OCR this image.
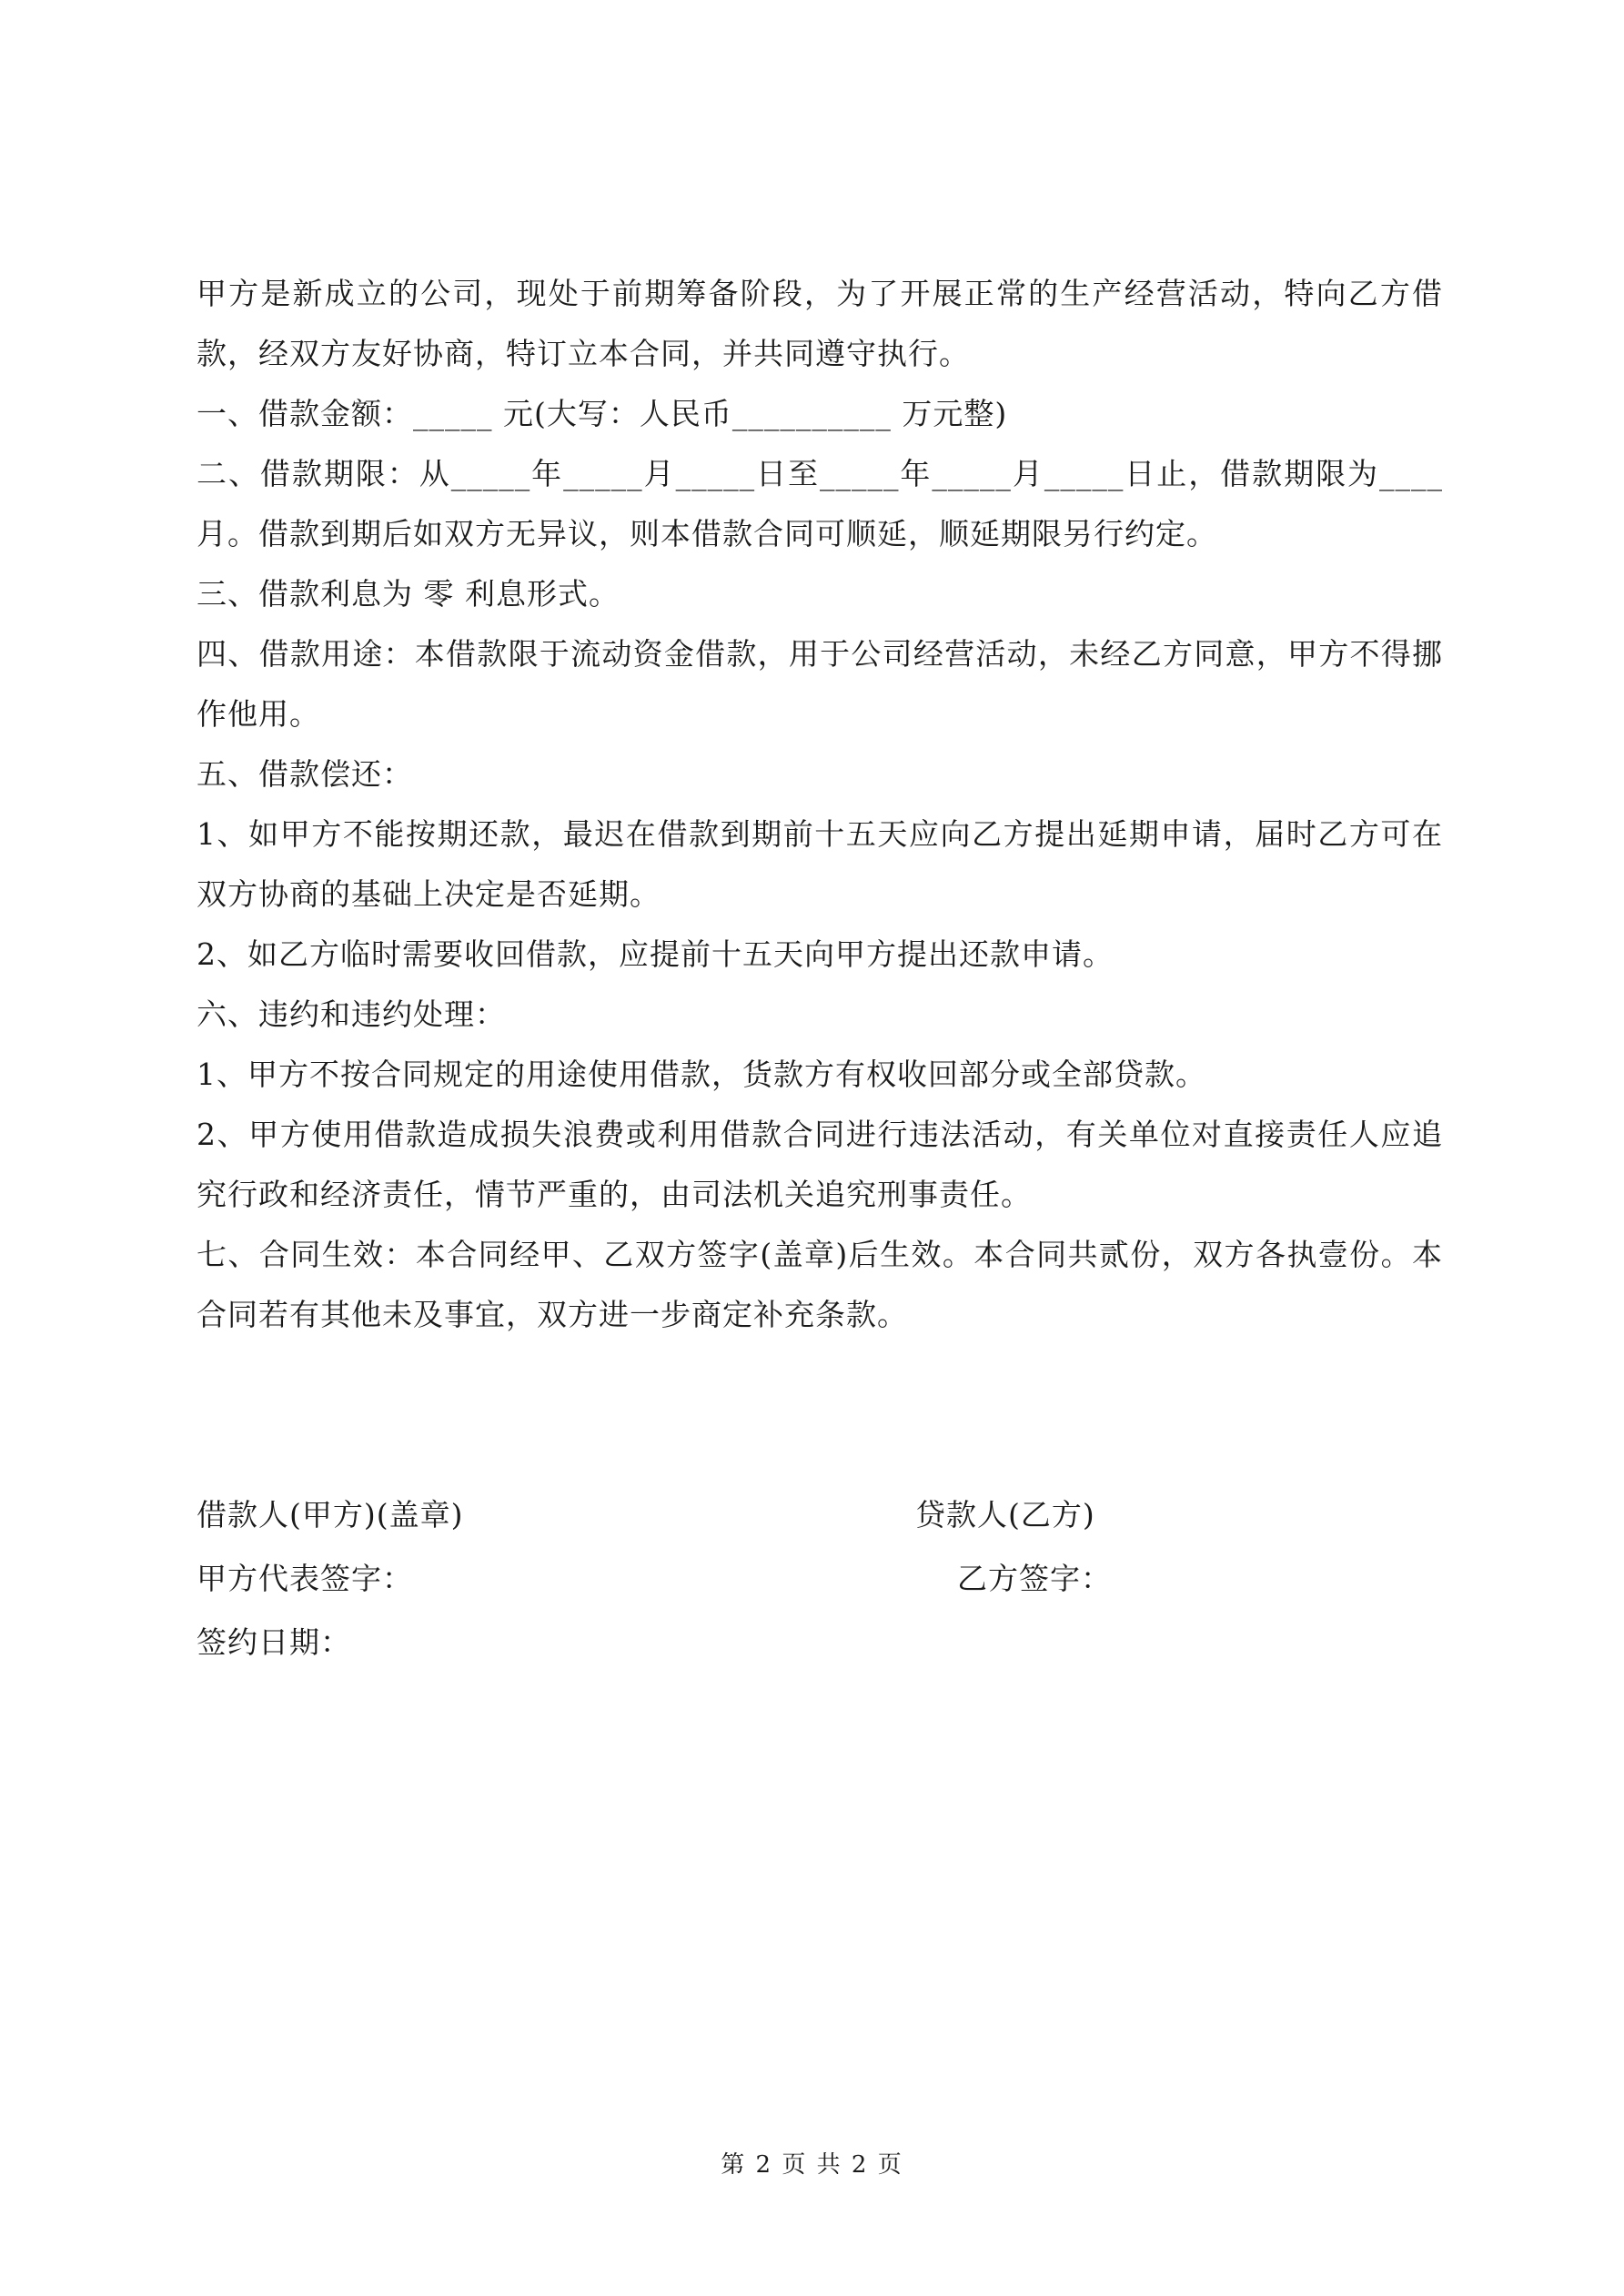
甲方是新成立的公司，现处于前期筹备阶段，为了开展正常的生产经营活动，特向乙方借款，经双方友好协商，特订立本合同，并共同遵守执行。

一、借款金额：_____ 元(大写：人民币__________ 万元整)

二、借款期限：从_____年_____月_____日至_____年_____月_____日止，借款期限为____月。借款到期后如双方无异议，则本借款合同可顺延，顺延期限另行约定。

三、借款利息为 零 利息形式。

四、借款用途：本借款限于流动资金借款，用于公司经营活动，未经乙方同意，甲方不得挪作他用。

五、借款偿还：

1、如甲方不能按期还款，最迟在借款到期前十五天应向乙方提出延期申请，届时乙方可在双方协商的基础上决定是否延期。

2、如乙方临时需要收回借款，应提前十五天向甲方提出还款申请。

六、违约和违约处理：

1、甲方不按合同规定的用途使用借款，货款方有权收回部分或全部贷款。

2、甲方使用借款造成损失浪费或利用借款合同进行违法活动，有关单位对直接责任人应追究行政和经济责任，情节严重的，由司法机关追究刑事责任。

七、合同生效：本合同经甲、乙双方签字(盖章)后生效。本合同共贰份，双方各执壹份。本合同若有其他未及事宜，双方进一步商定补充条款。

借款人(甲方)(盖章)	贷款人(乙方)
甲方代表签字：	乙方签字：
签约日期：
第 2 页 共 2 页
